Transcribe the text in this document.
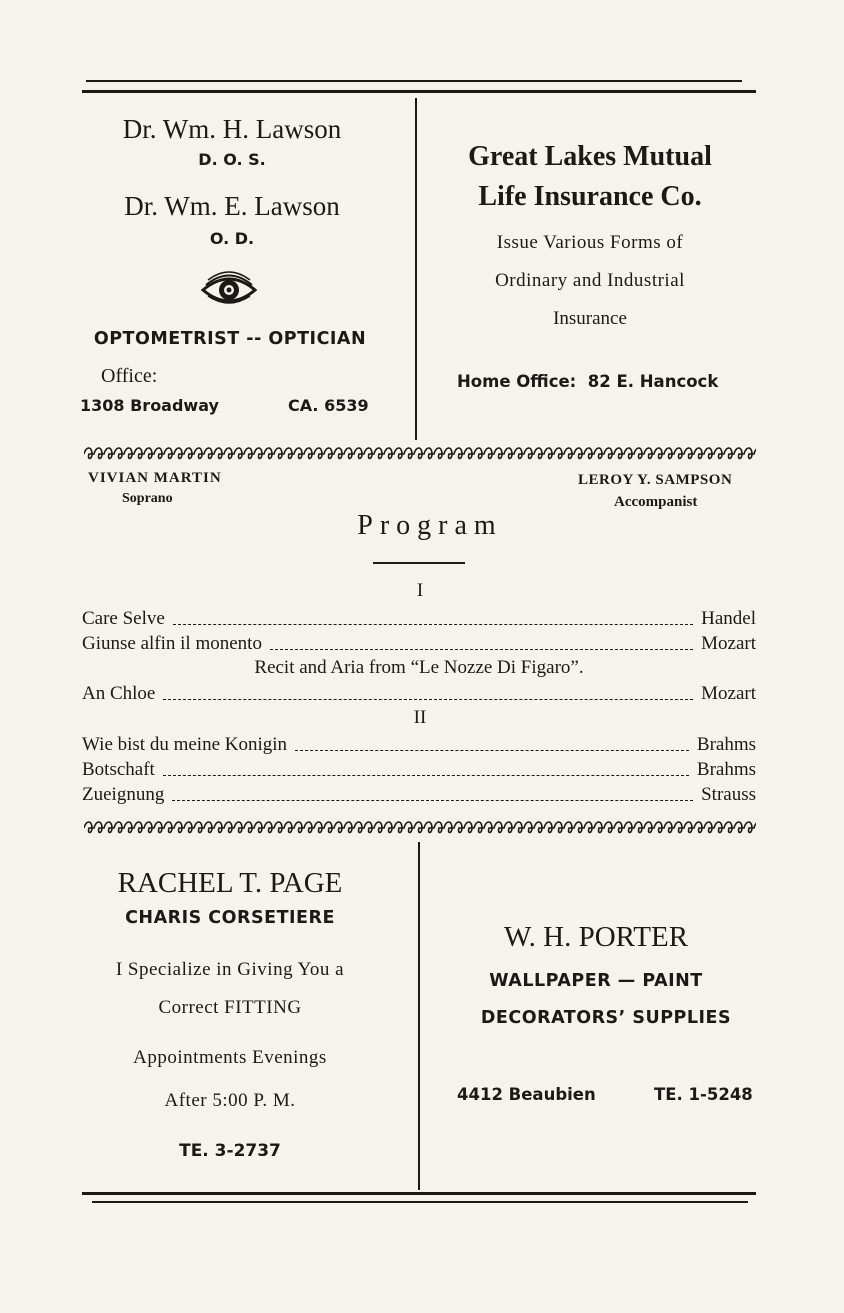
Dr. Wm. H. Lawson
D. O. S.
Dr. Wm. E. Lawson
O. D.
OPTOMETRIST -- OPTICIAN
Office:
1308 Broadway	CA. 6539
Great Lakes Mutual
Life Insurance Co.
Issue Various Forms of
Ordinary and Industrial
Insurance
Home Office:  82 E. Hancock
VIVIAN MARTIN
Soprano
LEROY Y. SAMPSON
Accompanist
Program
I
Care Selve	Handel
Giunse alfin il monento	Mozart
Recit and Aria from “Le Nozze Di Figaro”.
An Chloe	Mozart
II
Wie bist du meine Konigin	Brahms
Botschaft	Brahms
Zueignung	Strauss
RACHEL T. PAGE
CHARIS CORSETIERE
I Specialize in Giving You a
Correct FITTING
Appointments Evenings
After 5:00 P. M.
TE. 3-2737
W. H. PORTER
WALLPAPER — PAINT
DECORATORS’ SUPPLIES
4412 Beaubien	TE. 1-5248
